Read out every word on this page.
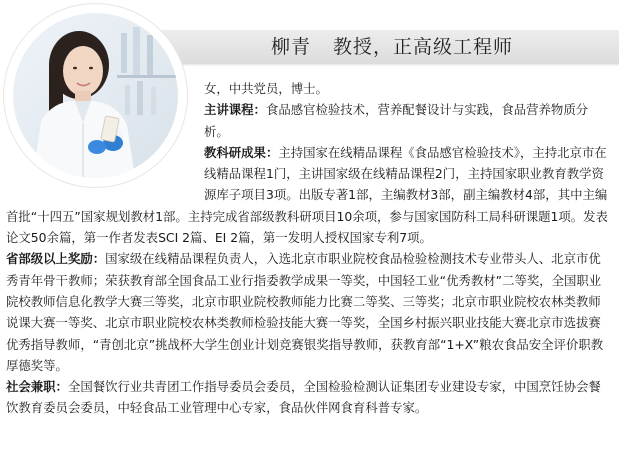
柳青 教授，正高级工程师

女，中共党员，博士。

主讲课程：食品感官检验技术，营养配餐设计与实践，食品营养物质分析。

教科研成果：主持国家在线精品课程《食品感官检验技术》，主持北京市在线精品课程1门，主讲国家级在线精品课程2门，主持国家职业教育教学资源库子项目3项。出版专著1部，主编教材3部，副主编教材4部，其中主编首批“十四五”国家规划教材1部。主持完成省部级教科研项目10余项，参与国家国防科工局科研课题1项。发表论文50余篇，第一作者发表SCI 2篇、EI 2篇，第一发明人授权国家专利7项。

省部级以上奖励：国家级在线精品课程负责人，入选北京市职业院校食品检验检测技术专业带头人、北京市优秀青年骨干教师；荣获教育部全国食品工业行指委教学成果一等奖，中国轻工业“优秀教材”二等奖，全国职业院校教师信息化教学大赛三等奖，北京市职业院校教师能力比赛二等奖、三等奖；北京市职业院校农林类教师说课大赛一等奖、北京市职业院校农林类教师检验技能大赛一等奖，全国乡村振兴职业技能大赛北京市选拔赛优秀指导教师，“青创北京”挑战杯大学生创业计划竞赛银奖指导教师，获教育部“1+X”粮农食品安全评价职教厚德奖等。

社会兼职：全国餐饮行业共青团工作指导委员会委员，全国检验检测认证集团专业建设专家，中国烹饪协会餐饮教育委员会委员，中轻食品工业管理中心专家，食品伙伴网食育科普专家。
